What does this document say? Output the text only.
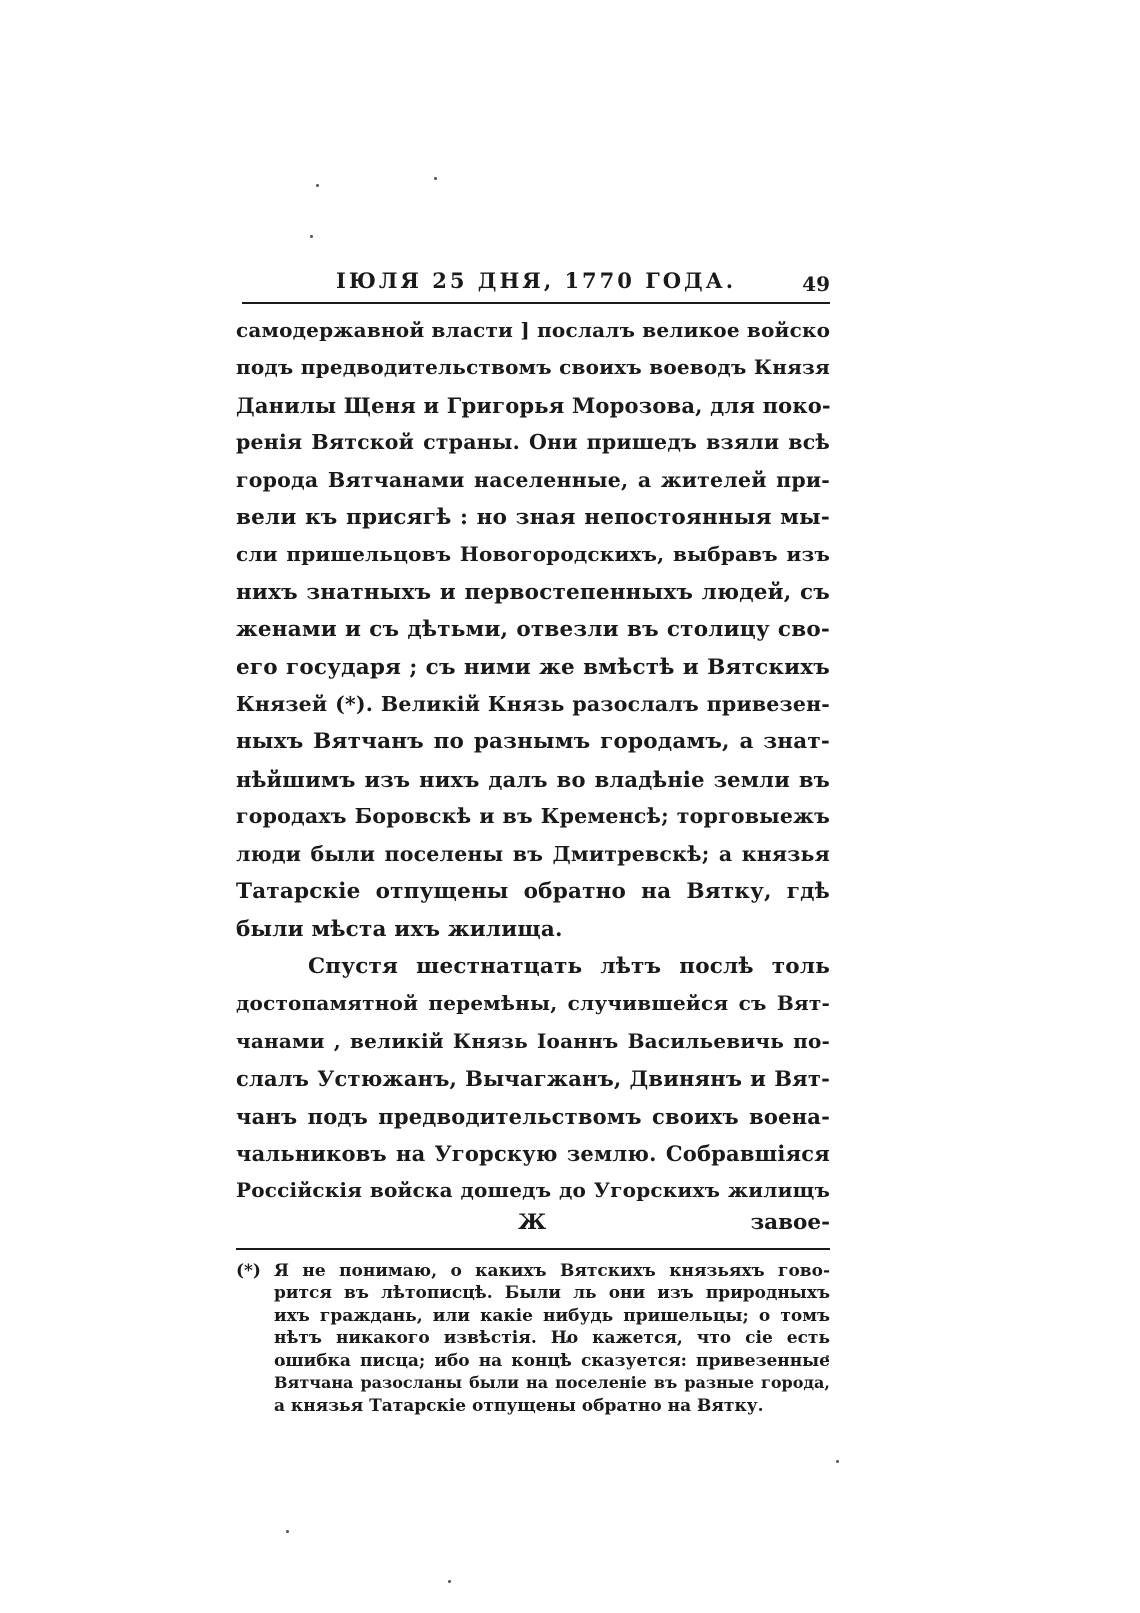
ІЮЛЯ 25 ДНЯ, 1770 ГОДА.	49
самодержавной власти ] послалъ великое войско
подъ предводительствомъ своихъ воеводъ Князя
Данилы Щеня и Григорья Морозова, для поко-
ренія Вятской страны. Они пришедъ взяли всѣ
города Вятчанами населенные, а жителей при-
вели къ присягѣ : но зная непостоянныя мы-
сли пришельцовъ Новогородскихъ, выбравъ изъ
нихъ знатныхъ и первостепенныхъ людей, съ
женами и съ дѣтьми, отвезли въ столицу сво-
его государя ; съ ними же вмѣстѣ и Вятскихъ
Князей (*). Великій Князь разослалъ привезен-
ныхъ Вятчанъ по разнымъ городамъ, а знат-
нѣйшимъ изъ нихъ далъ во владѣніе земли въ
городахъ Боровскѣ и въ Кременсѣ; торговыежъ
люди были поселены въ Дмитревскѣ; а князья
Татарскіе отпущены обратно на Вятку, гдѣ
были мѣста ихъ жилища.
Спустя шестнатцать лѣтъ послѣ толь
достопамятной перемѣны, случившейся съ Вят-
чанами , великій Князь Іоаннъ Васильевичь по-
слалъ Устюжанъ, Вычагжанъ, Двинянъ и Вят-
чанъ подъ предводительствомъ своихъ воена-
чальниковъ на Угорскую землю. Собравшіяся
Россійскія войска дошедъ до Угорскихъ жилищъ
Ж	завое-
(*) Я не понимаю, о какихъ Вятскихъ князьяхъ гово-
рится въ лѣтописцѣ. Были ль они изъ природныхъ
ихъ граждань, или какіе нибудь пришельцы; о томъ
нѣтъ никакого извѣстія. Но кажется, что сіе есть
ошибка писца; ибо на концѣ сказуется: привезенные
Вятчана разосланы были на поселеніе въ разные города,
а князья Татарскіе отпущены обратно на Вятку.
